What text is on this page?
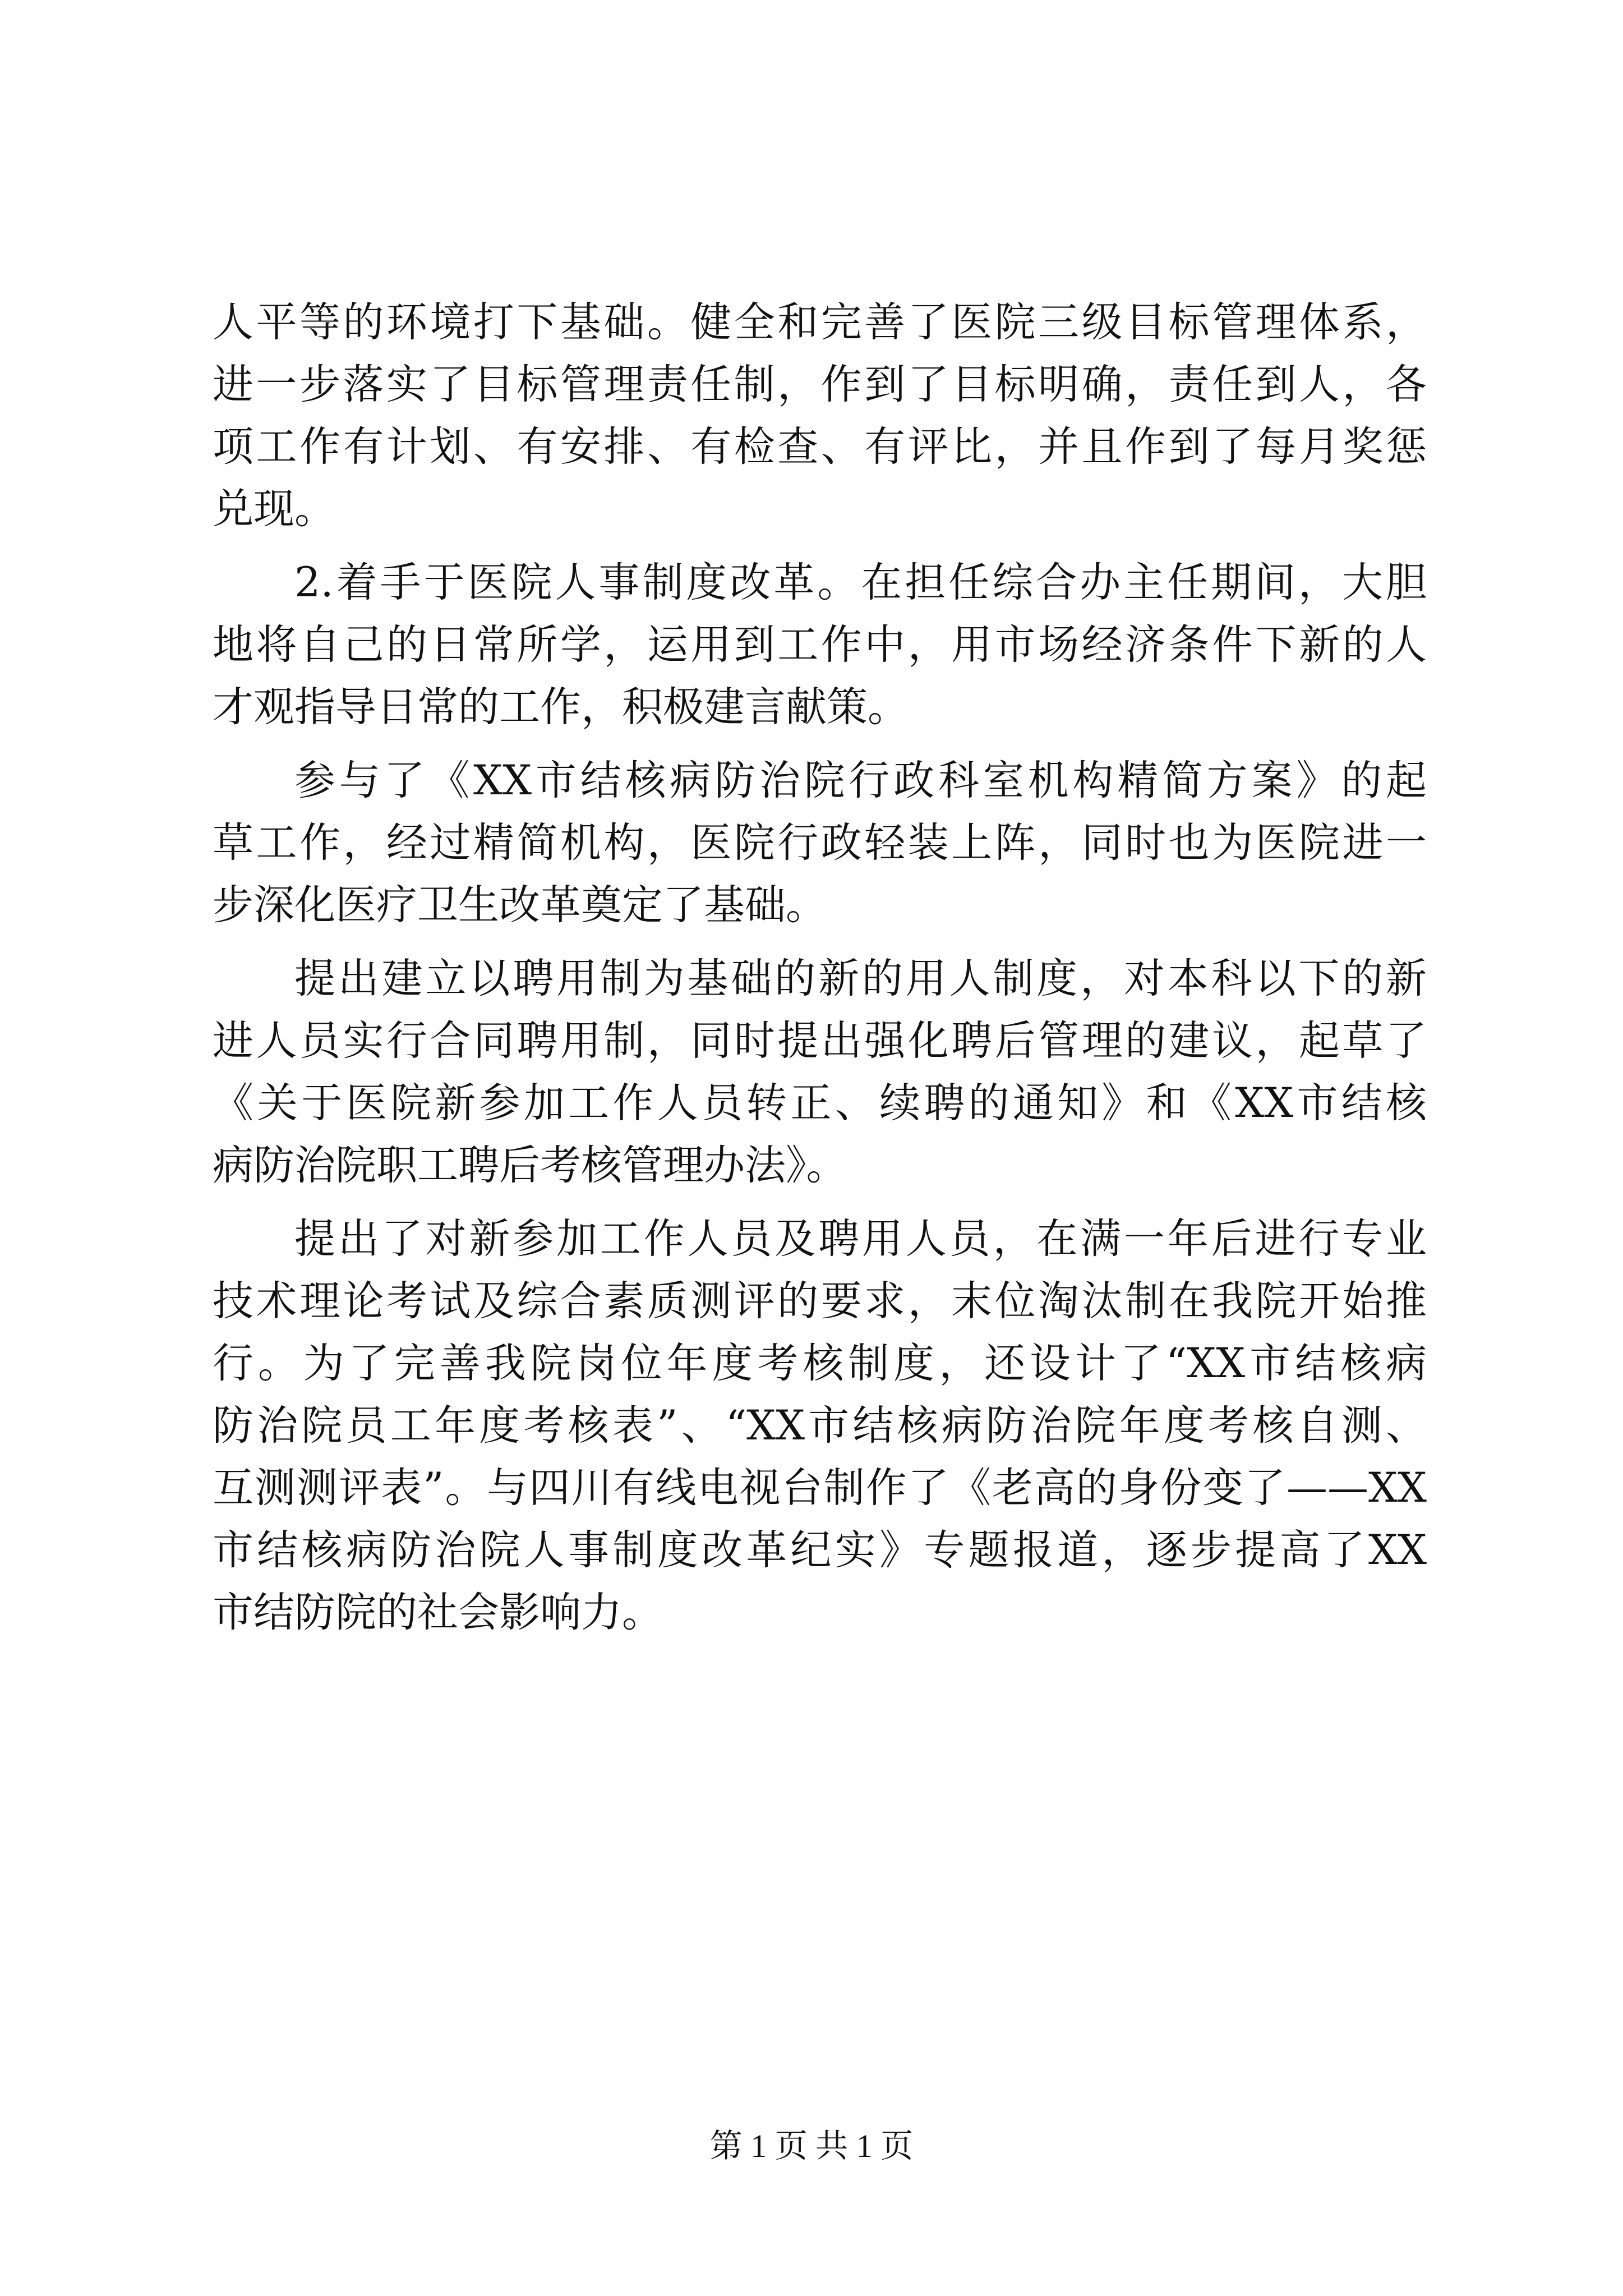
人平等的环境打下基础。健全和完善了医院三级目标管理体系，
进一步落实了目标管理责任制，作到了目标明确，责任到人，各
项工作有计划、有安排、有检查、有评比，并且作到了每月奖惩
兑现。
2.着手于医院人事制度改革。在担任综合办主任期间，大胆
地将自己的日常所学，运用到工作中，用市场经济条件下新的人
才观指导日常的工作，积极建言献策。
参与了《XX市结核病防治院行政科室机构精简方案》的起
草工作，经过精简机构，医院行政轻装上阵，同时也为医院进一
步深化医疗卫生改革奠定了基础。
提出建立以聘用制为基础的新的用人制度，对本科以下的新
进人员实行合同聘用制，同时提出强化聘后管理的建议，起草了
《关于医院新参加工作人员转正、续聘的通知》和《XX市结核
病防治院职工聘后考核管理办法》。
提出了对新参加工作人员及聘用人员，在满一年后进行专业
技术理论考试及综合素质测评的要求，末位淘汰制在我院开始推
行。为了完善我院岗位年度考核制度，还设计了“XX市结核病
防治院员工年度考核表”、“XX市结核病防治院年度考核自测、
互测测评表”。与四川有线电视台制作了《老高的身份变了——XX
市结核病防治院人事制度改革纪实》专题报道，逐步提高了XX
市结防院的社会影响力。
第 1 页 共 1 页
